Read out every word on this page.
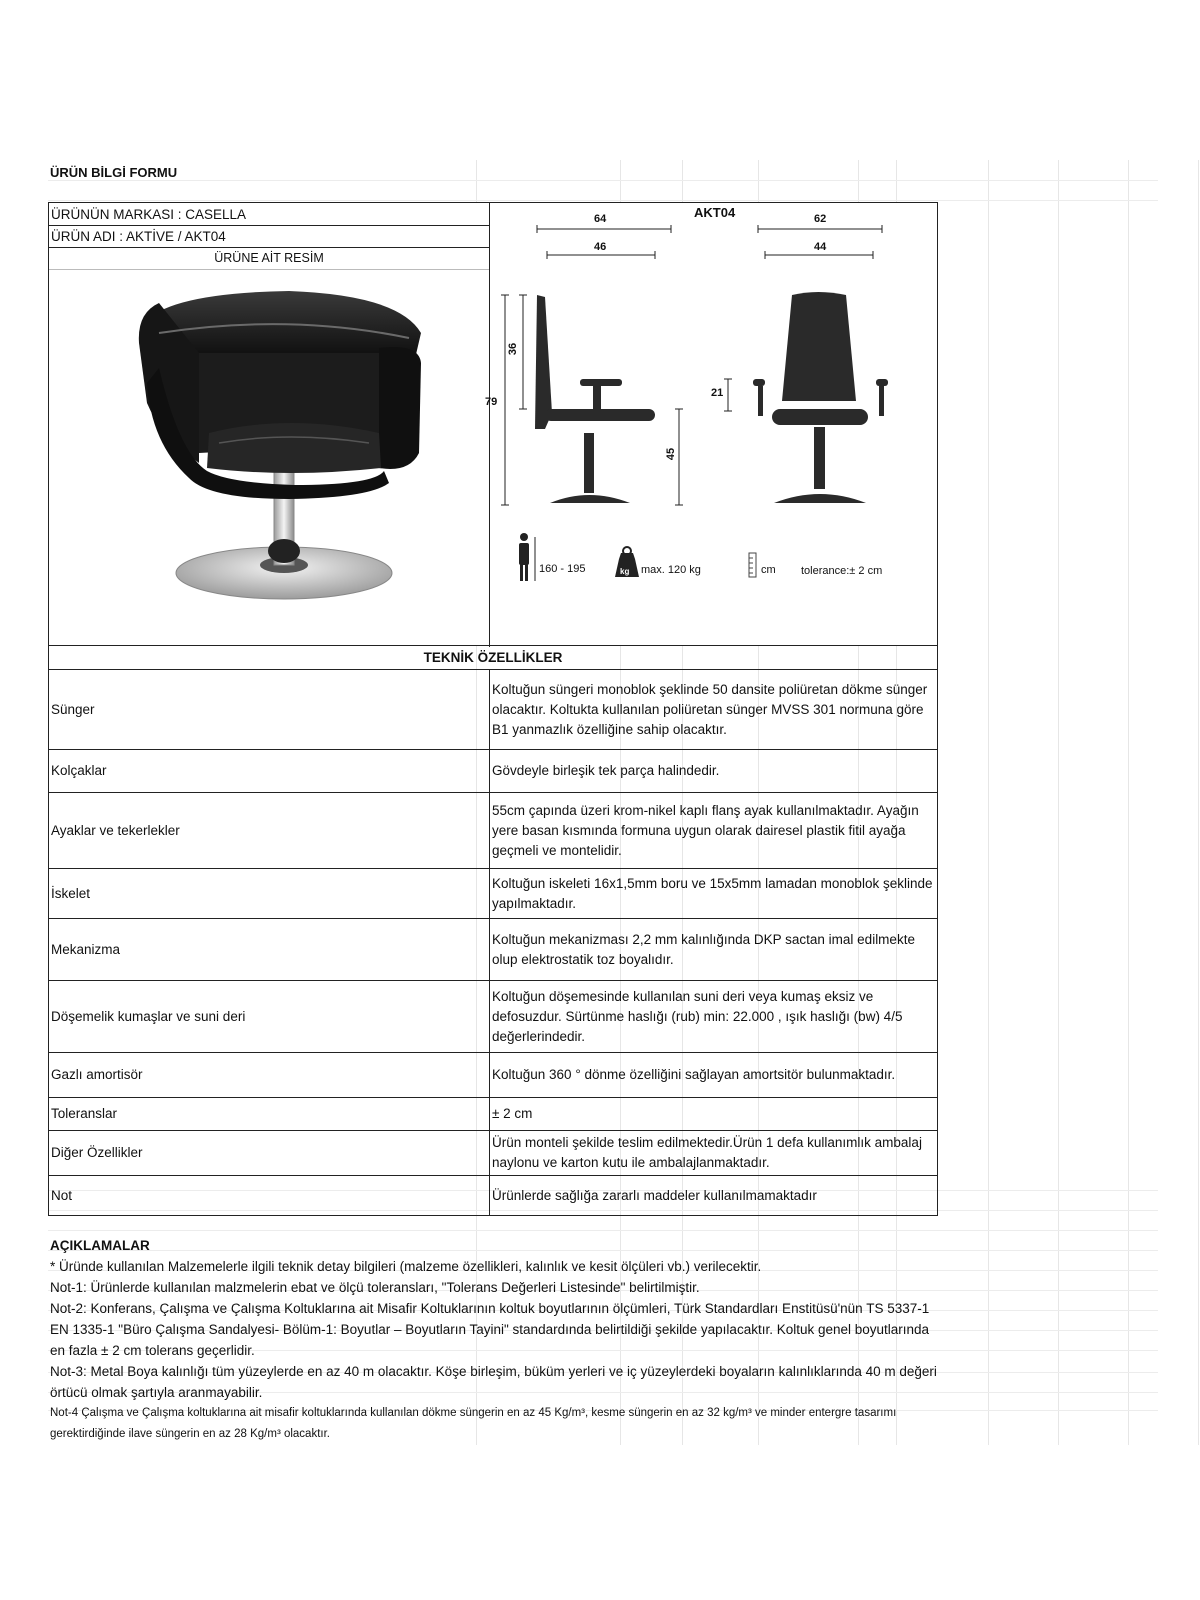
ÜRÜN BİLGİ FORMU
ÜRÜNÜN MARKASI : CASELLA
ÜRÜN ADI : AKTİVE / AKT04
ÜRÜNE AİT RESİM
AKT04
64
46
62
44
36
79
45
21
160 - 195	kg max. 120 kg	cm tolerance:± 2 cm
TEKNİK ÖZELLİKLER
Sünger	Koltuğun süngeri monoblok şeklinde 50 dansite poliüretan dökme sünger olacaktır. Koltukta kullanılan poliüretan sünger MVSS 301 normuna göre B1 yanmazlık özelliğine sahip olacaktır.
Kolçaklar	Gövdeyle birleşik tek parça halindedir.
Ayaklar ve tekerlekler	55cm çapında üzeri krom-nikel kaplı flanş ayak kullanılmaktadır. Ayağın yere basan kısmında formuna uygun olarak dairesel plastik fitil ayağa geçmeli ve montelidir.
İskelet	Koltuğun iskeleti 16x1,5mm boru ve 15x5mm lamadan monoblok şeklinde yapılmaktadır.
Mekanizma	Koltuğun mekanizması 2,2 mm kalınlığında DKP sactan imal edilmekte olup elektrostatik toz boyalıdır.
Döşemelik kumaşlar ve suni deri	Koltuğun döşemesinde kullanılan suni deri veya kumaş eksiz ve defosuzdur. Sürtünme haslığı (rub) min: 22.000 , ışık haslığı (bw) 4/5 değerlerindedir.
Gazlı amortisör	Koltuğun 360 ° dönme özelliğini sağlayan amortsitör bulunmaktadır.
Toleranslar	± 2 cm
Diğer Özellikler	Ürün monteli şekilde teslim edilmektedir.Ürün 1 defa kullanımlık ambalaj naylonu ve karton kutu ile ambalajlanmaktadır.
Not	Ürünlerde sağlığa zararlı maddeler kullanılmamaktadır
AÇIKLAMALAR
* Üründe kullanılan Malzemelerle ilgili teknik detay bilgileri (malzeme özellikleri, kalınlık ve kesit ölçüleri vb.) verilecektir.
Not-1: Ürünlerde kullanılan malzmelerin ebat ve ölçü toleransları, "Tolerans Değerleri Listesinde" belirtilmiştir.
Not-2: Konferans, Çalışma ve Çalışma Koltuklarına ait Misafir Koltuklarının koltuk boyutlarının ölçümleri, Türk Standardları Enstitüsü'nün TS 5337-1 EN 1335-1 "Büro Çalışma Sandalyesi- Bölüm-1: Boyutlar – Boyutların Tayini" standardında belirtildiği şekilde yapılacaktır. Koltuk genel boyutlarında en fazla ± 2 cm tolerans geçerlidir.
Not-3: Metal Boya kalınlığı tüm yüzeylerde en az 40 m olacaktır. Köşe birleşim, büküm yerleri ve iç yüzeylerdeki boyaların kalınlıklarında 40 m değeri örtücü olmak şartıyla aranmayabilir.
Not-4 Çalışma ve Çalışma koltuklarına ait misafir koltuklarında kullanılan dökme süngerin en az 45 Kg/m³, kesme süngerin en az 32 kg/m³ ve minder entergre tasarımı gerektirdiğinde ilave süngerin en az 28 Kg/m³ olacaktır.
